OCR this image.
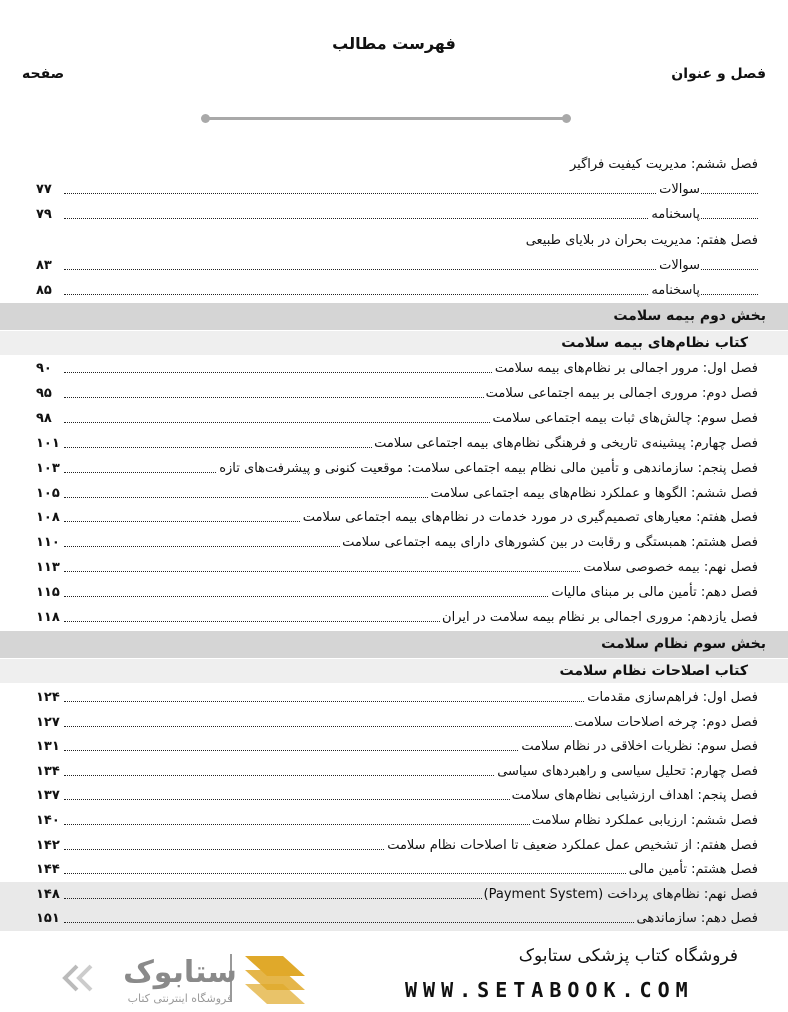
فهرست مطالب
صفحه	فصل و عنوان
فصل ششم: مدیریت کیفیت فراگیر
سوالات
۷۷
پاسخنامه
۷۹
فصل هفتم: مدیریت بحران در بلایای طبیعی
سوالات
۸۳
پاسخنامه
۸۵
بخش دوم بیمه سلامت
کتاب نظام‌های بیمه سلامت
فصل اول: مرور اجمالی بر نظام‌های بیمه سلامت
۹۰
فصل دوم: مروری اجمالی بر بیمه اجتماعی سلامت
۹۵
فصل سوم: چالش‌های ثبات بیمه اجتماعی سلامت
۹۸
فصل چهارم: پیشینه‌ی تاریخی و فرهنگی نظام‌های بیمه اجتماعی سلامت
۱۰۱
فصل پنجم: سازماندهی و تأمین مالی نظام بیمه اجتماعی سلامت: موقعیت کنونی و پیشرفت‌های تازه
۱۰۳
فصل ششم: الگوها و عملکرد نظام‌های بیمه اجتماعی سلامت
۱۰۵
فصل هفتم: معیارهای تصمیم‌گیری در مورد خدمات در نظام‌های بیمه اجتماعی سلامت
۱۰۸
فصل هشتم: همبستگی و رقابت در بین کشورهای دارای بیمه اجتماعی سلامت
۱۱۰
فصل نهم: بیمه خصوصی سلامت
۱۱۳
فصل دهم: تأمین مالی بر مبنای مالیات
۱۱۵
فصل یازدهم: مروری اجمالی بر نظام بیمه سلامت در ایران
۱۱۸
بخش سوم نظام سلامت
کتاب اصلاحات نظام سلامت
فصل اول: فراهم‌سازی مقدمات
۱۲۴
فصل دوم: چرخه اصلاحات سلامت
۱۲۷
فصل سوم: نظریات اخلاقی در نظام سلامت
۱۳۱
فصل چهارم: تحلیل سیاسی و راهبردهای سیاسی
۱۳۴
فصل پنجم: اهداف ارزشیابی نظام‌های سلامت
۱۳۷
فصل ششم: ارزیابی عملکرد نظام سلامت
۱۴۰
فصل هفتم: از تشخیص عمل عملکرد ضعیف تا اصلاحات نظام سلامت
۱۴۲
فصل هشتم: تأمین مالی
۱۴۴
فصل نهم: نظام‌های پرداخت (Payment System)
۱۴۸
فصل دهم: سازماندهی
۱۵۱
ستابوک
فروشگاه اینترنتی کتاب
فروشگاه کتاب پزشکی ستابوک
WWW.SETABOOK.COM
